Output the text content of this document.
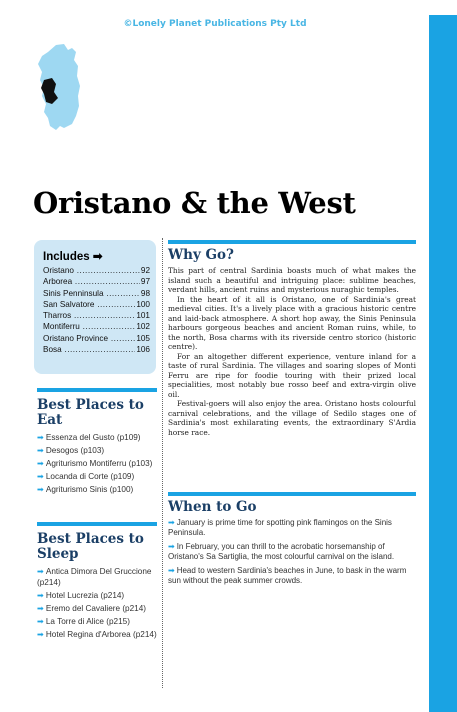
©Lonely Planet Publications Pty Ltd
Oristano & the West
Includes ➡
Oristano .....	92
Arborea .....	97
Sinis Penninsula .....	98
San Salvatore .....	100
Tharros .....	101
Montiferru .....	102
Oristano Province .....	105
Bosa .....	106
Best Places to Eat
➡ Essenza del Gusto (p109)
➡ Desogos (p103)
➡ Agriturismo Montiferru (p103)
➡ Locanda di Corte (p109)
➡ Agriturismo Sinis (p100)
Best Places to Sleep
➡ Antica Dimora Del Gruccione (p214)
➡ Hotel Lucrezia (p214)
➡ Eremo del Cavaliere (p214)
➡ La Torre di Alice (p215)
➡ Hotel Regina d'Arborea (p214)
Why Go?

This part of central Sardinia boasts much of what makes the island such a beautiful and intriguing place: sublime beaches, verdant hills, ancient ruins and mysterious nuraghic temples.

In the heart of it all is Oristano, one of Sardinia's great medieval cities. It's a lively place with a gracious historic centre and laid-back atmosphere. A short hop away, the Sinis Peninsula harbours gorgeous beaches and ancient Roman ruins, while, to the north, Bosa charms with its riverside centro storico (historic centre).

For an altogether different experience, venture inland for a taste of rural Sardinia. The villages and soaring slopes of Monti Ferru are ripe for foodie touring with their prized local specialities, most notably bue rosso beef and extra-virgin olive oil.

Festival-goers will also enjoy the area. Oristano hosts colourful carnival celebrations, and the village of Sedilo stages one of Sardinia's most exhilarating events, the extraordinary S'Ardia horse race.

When to Go
➡ January is prime time for spotting pink flamingos on the Sinis Peninsula.
➡ In February, you can thrill to the acrobatic horsemanship of Oristano's Sa Sartiglia, the most colourful carnival on the island.
➡ Head to western Sardinia's beaches in June, to bask in the warm sun without the peak summer crowds.
